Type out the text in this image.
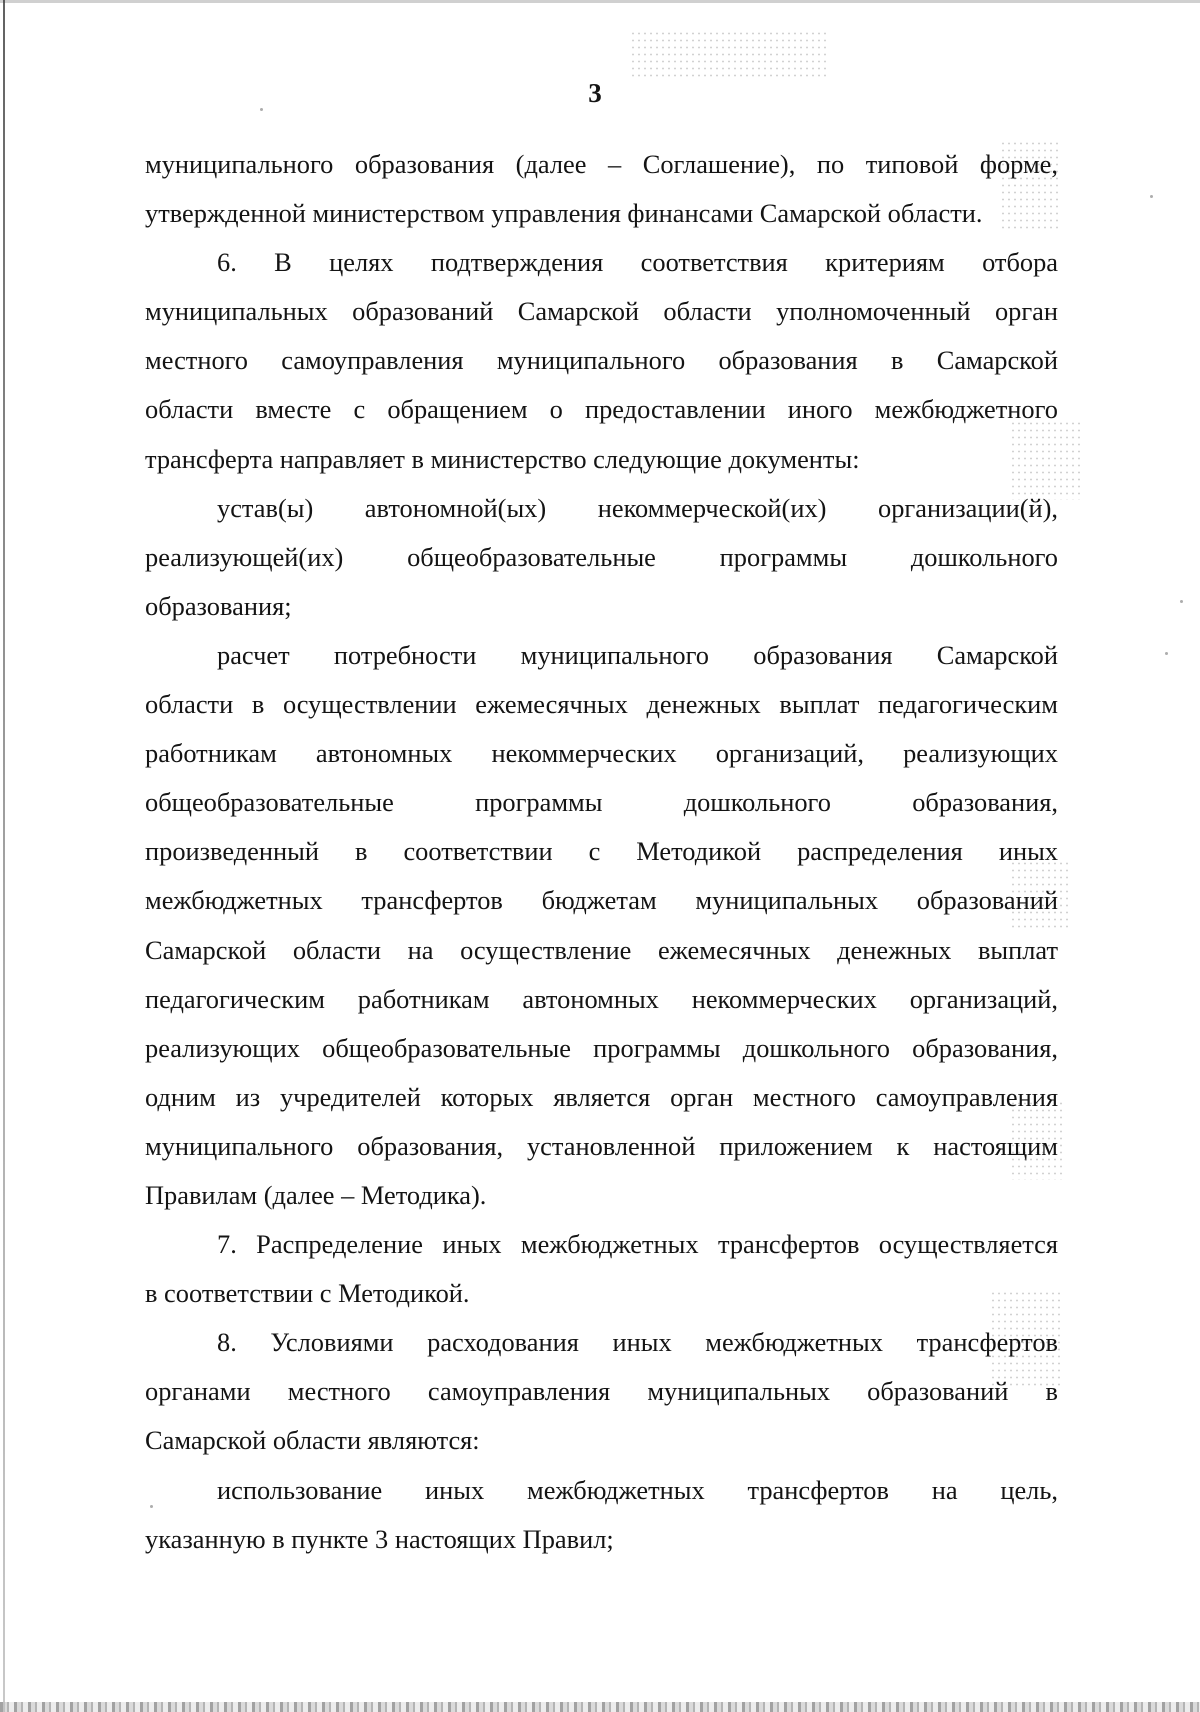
3

муниципального образования (далее – Соглашение), по типовой форме,
утвержденной министерством управления финансами Самарской области.

6. В целях подтверждения соответствия критериям отбора
муниципальных образований Самарской области уполномоченный орган
местного самоуправления муниципального образования в Самарской
области вместе с обращением о предоставлении иного межбюджетного
трансферта направляет в министерство следующие документы:

устав(ы) автономной(ых) некоммерческой(их) организации(й),
реализующей(их) общеобразовательные программы дошкольного
образования;

расчет потребности муниципального образования Самарской
области в осуществлении ежемесячных денежных выплат педагогическим
работникам автономных некоммерческих организаций, реализующих
общеобразовательные программы дошкольного образования,
произведенный в соответствии с Методикой распределения иных
межбюджетных трансфертов бюджетам муниципальных образований
Самарской области на осуществление ежемесячных денежных выплат
педагогическим работникам автономных некоммерческих организаций,
реализующих общеобразовательные программы дошкольного образования,
одним из учредителей которых является орган местного самоуправления
муниципального образования, установленной приложением к настоящим
Правилам (далее – Методика).

7. Распределение иных межбюджетных трансфертов осуществляется
в соответствии с Методикой.

8. Условиями расходования иных межбюджетных трансфертов
органами местного самоуправления муниципальных образований в
Самарской области являются:

использование иных межбюджетных трансфертов на цель,
указанную в пункте 3 настоящих Правил;
